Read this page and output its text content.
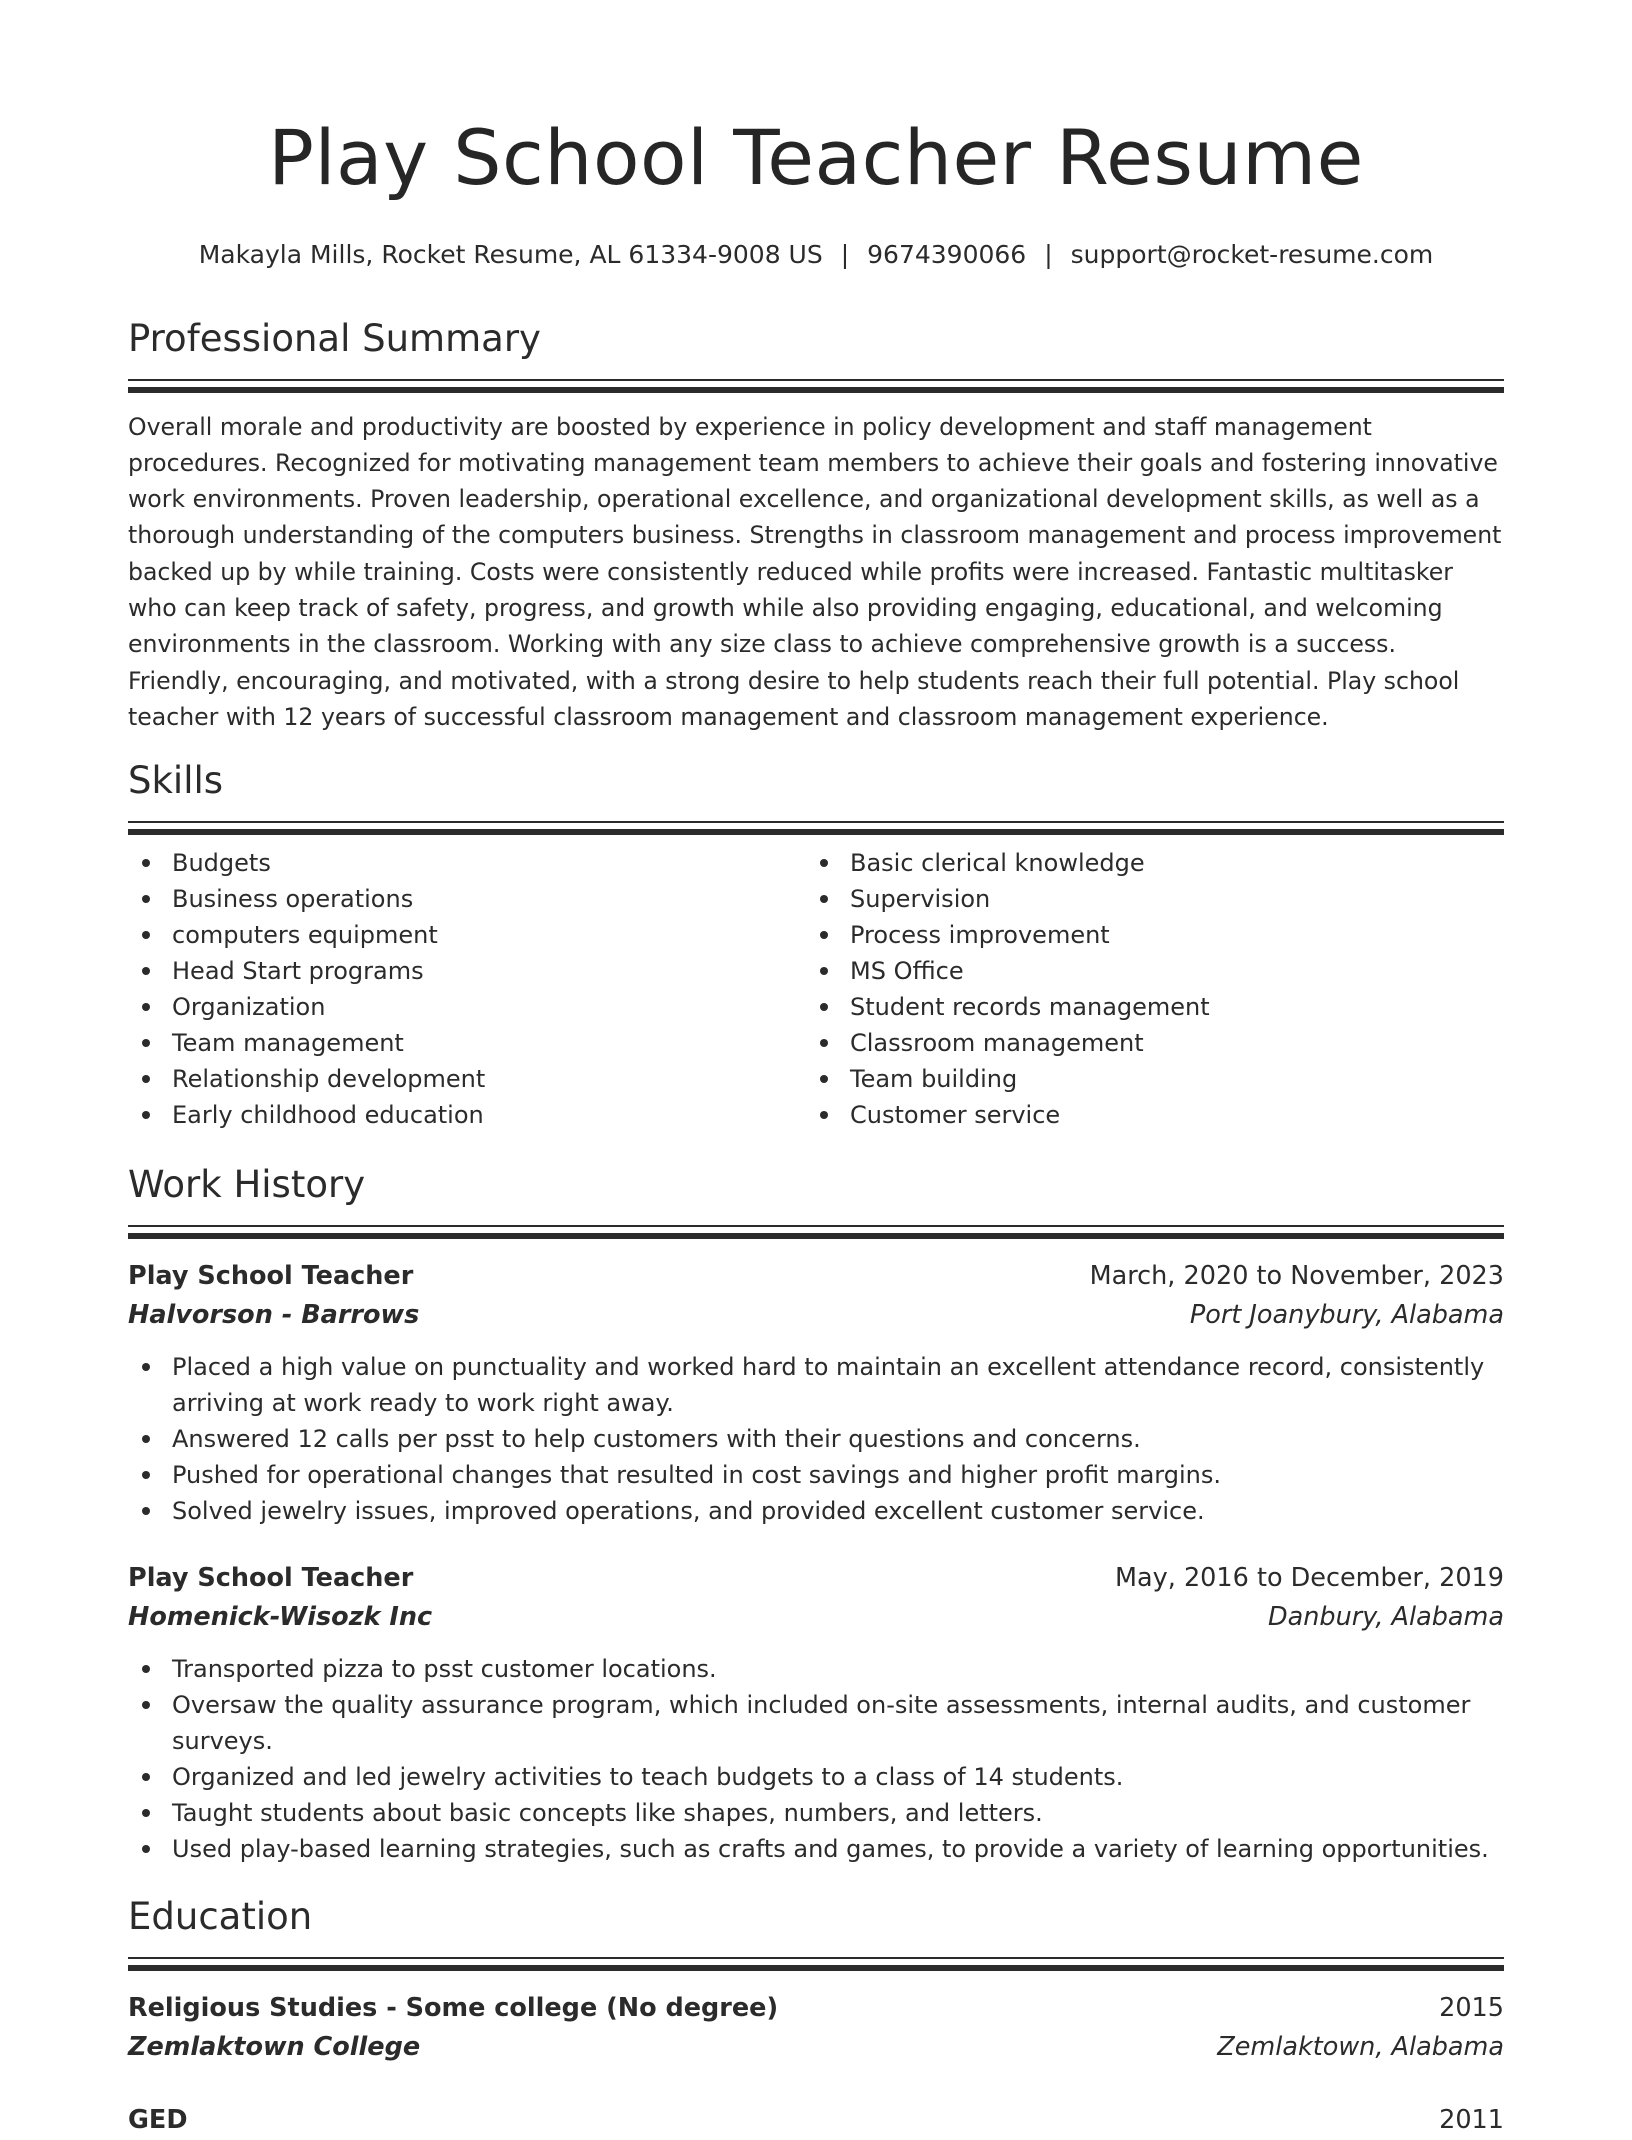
Play School Teacher Resume
Makayla Mills, Rocket Resume, AL 61334-9008 US | 9674390066 | support@rocket-resume.com
Professional Summary
Overall morale and productivity are boosted by experience in policy development and staff management procedures. Recognized for motivating management team members to achieve their goals and fostering innovative work environments. Proven leadership, operational excellence, and organizational development skills, as well as a thorough understanding of the computers business. Strengths in classroom management and process improvement backed up by while training. Costs were consistently reduced while profits were increased. Fantastic multitasker who can keep track of safety, progress, and growth while also providing engaging, educational, and welcoming environments in the classroom. Working with any size class to achieve comprehensive growth is a success. Friendly, encouraging, and motivated, with a strong desire to help students reach their full potential. Play school teacher with 12 years of successful classroom management and classroom management experience.
Skills
Budgets
Business operations
computers equipment
Head Start programs
Organization
Team management
Relationship development
Early childhood education
Basic clerical knowledge
Supervision
Process improvement
MS Office
Student records management
Classroom management
Team building
Customer service
Work History
Play School Teacher	March, 2020 to November, 2023
Halvorson - Barrows	Port Joanybury, Alabama
Placed a high value on punctuality and worked hard to maintain an excellent attendance record, consistently arriving at work ready to work right away.
Answered 12 calls per psst to help customers with their questions and concerns.
Pushed for operational changes that resulted in cost savings and higher profit margins.
Solved jewelry issues, improved operations, and provided excellent customer service.
Play School Teacher	May, 2016 to December, 2019
Homenick-Wisozk Inc	Danbury, Alabama
Transported pizza to psst customer locations.
Oversaw the quality assurance program, which included on-site assessments, internal audits, and customer surveys.
Organized and led jewelry activities to teach budgets to a class of 14 students.
Taught students about basic concepts like shapes, numbers, and letters.
Used play-based learning strategies, such as crafts and games, to provide a variety of learning opportunities.
Education
Religious Studies - Some college (No degree)	2015
Zemlaktown College	Zemlaktown, Alabama
GED	2011
